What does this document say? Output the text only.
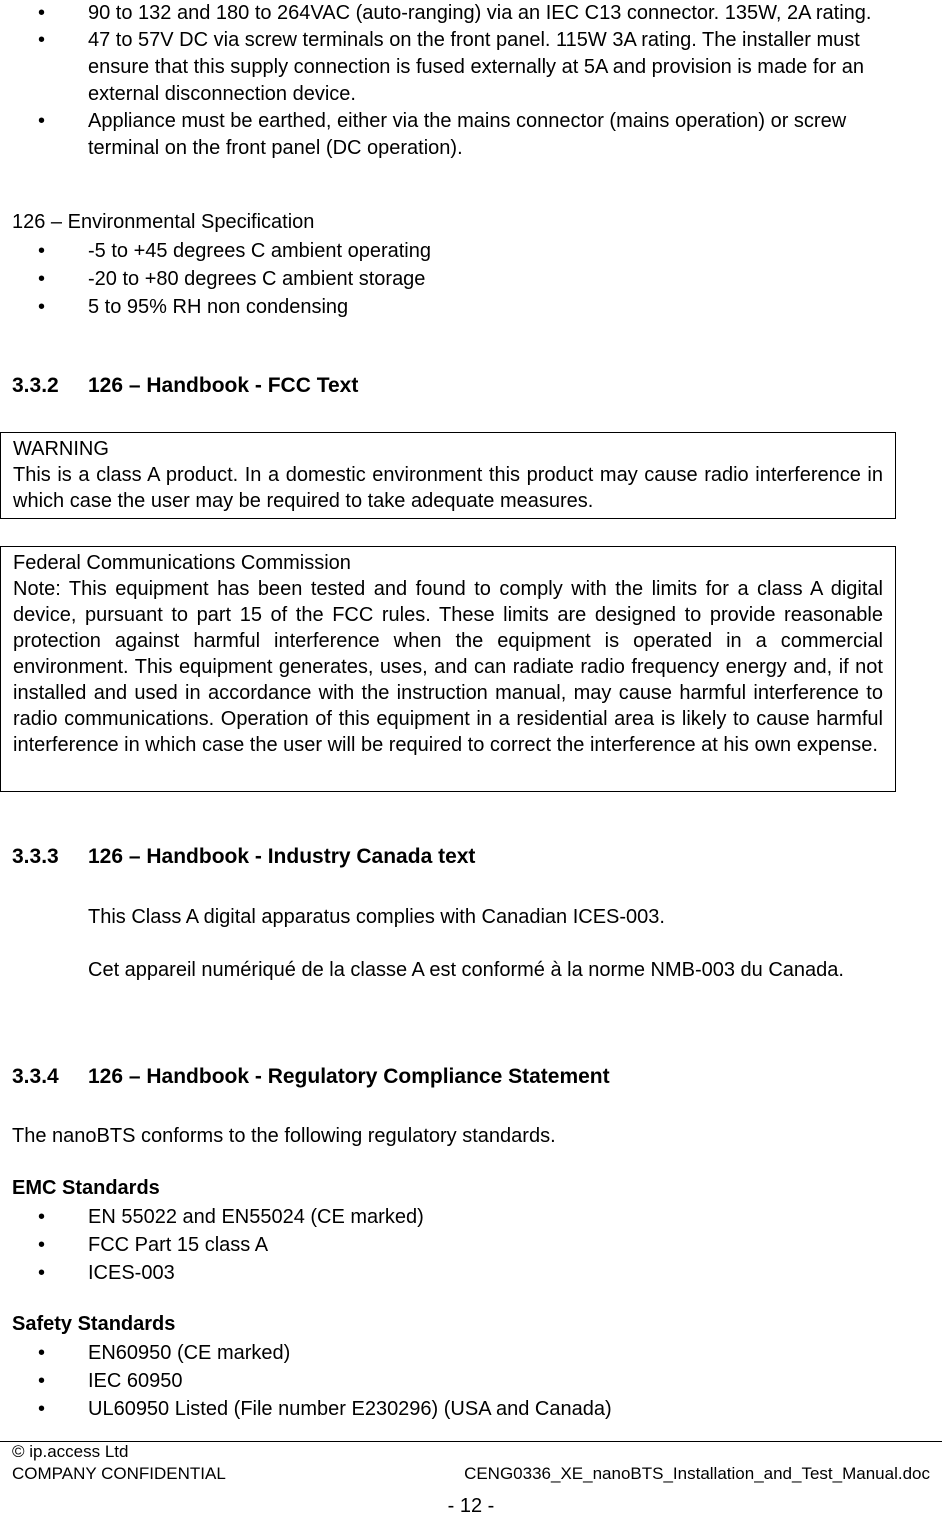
• 90 to 132 and 180 to 264VAC (auto-ranging) via an IEC C13 connector. 135W, 2A rating.
• 47 to 57V DC via screw terminals on the front panel. 115W 3A rating. The installer must ensure that this supply connection is fused externally at 5A and provision is made for an external disconnection device.
• Appliance must be earthed, either via the mains connector (mains operation) or screw terminal on the front panel (DC operation).

126 – Environmental Specification

• -5 to +45 degrees C ambient operating
• -20 to +80 degrees C ambient storage
• 5 to 95% RH non condensing
3.3.2 126 – Handbook - FCC Text

WARNING

This is a class A product. In a domestic environment this product may cause radio interference in which case the user may be required to take adequate measures.

Federal Communications Commission

Note: This equipment has been tested and found to comply with the limits for a class A digital device, pursuant to part 15 of the FCC rules. These limits are designed to provide reasonable protection against harmful interference when the equipment is operated in a commercial environment. This equipment generates, uses, and can radiate radio frequency energy and, if not installed and used in accordance with the instruction manual, may cause harmful interference to radio communications. Operation of this equipment in a residential area is likely to cause harmful interference in which case the user will be required to correct the interference at his own expense.

3.3.3 126 – Handbook - Industry Canada text

This Class A digital apparatus complies with Canadian ICES-003.

Cet appareil numériqué de la classe A est conformé à la norme NMB-003 du Canada.

3.3.4 126 – Handbook - Regulatory Compliance Statement

The nanoBTS conforms to the following regulatory standards.

EMC Standards

• EN 55022 and EN55024 (CE marked)
• FCC Part 15 class A
• ICES-003

Safety Standards

• EN60950 (CE marked)
• IEC 60950
• UL60950 Listed (File number E230296) (USA and Canada)
© ip.access Ltd
COMPANY CONFIDENTIAL	CENG0336_XE_nanoBTS_Installation_and_Test_Manual.doc
- 12 -
